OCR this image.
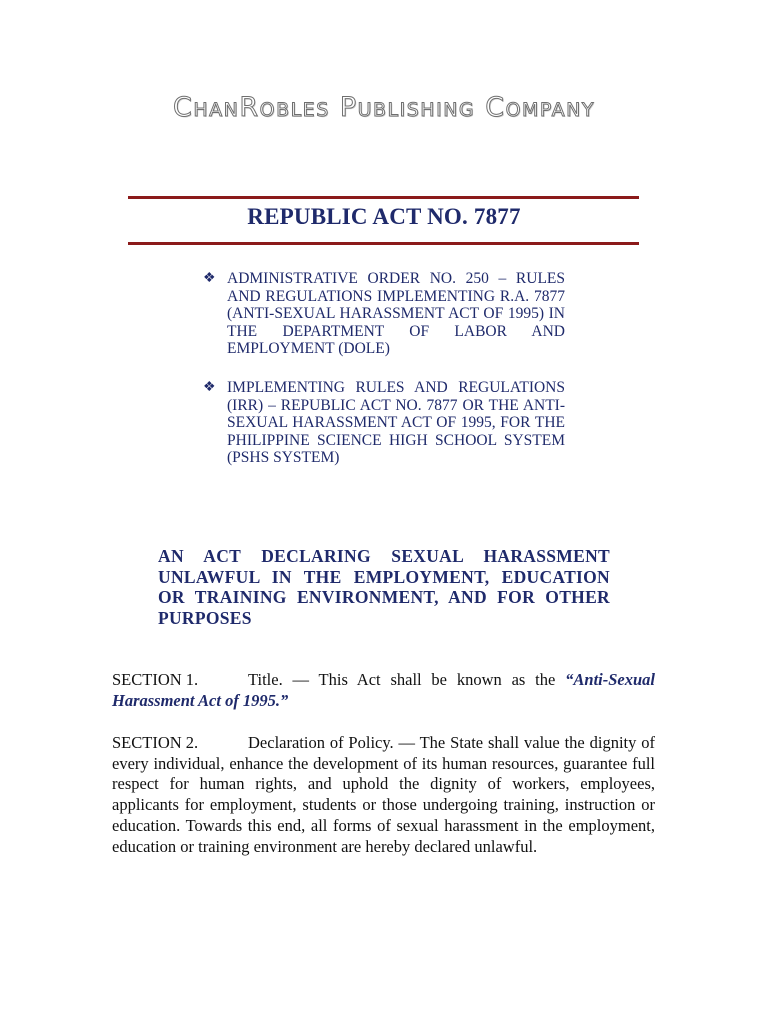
ChanRobles Publishing Company
REPUBLIC ACT NO. 7877
❖ ADMINISTRATIVE ORDER NO. 250 – RULES AND REGULATIONS IMPLEMENTING R.A. 7877 (ANTI-SEXUAL HARASSMENT ACT OF 1995) IN THE DEPARTMENT OF LABOR AND EMPLOYMENT (DOLE)
❖ IMPLEMENTING RULES AND REGULATIONS (IRR) – REPUBLIC ACT NO. 7877 OR THE ANTI-SEXUAL HARASSMENT ACT OF 1995, FOR THE PHILIPPINE SCIENCE HIGH SCHOOL SYSTEM (PSHS SYSTEM)
AN ACT DECLARING SEXUAL HARASSMENT UNLAWFUL IN THE EMPLOYMENT, EDUCATION OR TRAINING ENVIRONMENT, AND FOR OTHER PURPOSES
SECTION 1.	Title. — This Act shall be known as the “Anti-Sexual Harassment Act of 1995.”
SECTION 2.	Declaration of Policy. — The State shall value the dignity of every individual, enhance the development of its human resources, guarantee full respect for human rights, and uphold the dignity of workers, employees, applicants for employment, students or those undergoing training, instruction or education. Towards this end, all forms of sexual harassment in the employment, education or training environment are hereby declared unlawful.
